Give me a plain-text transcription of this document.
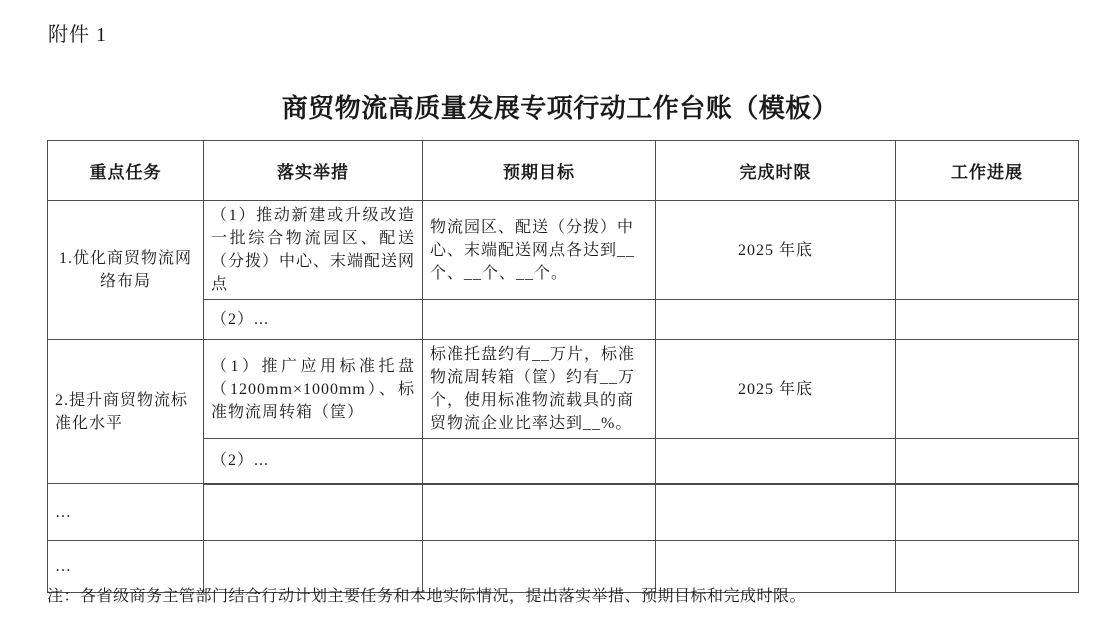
附件 1
商贸物流高质量发展专项行动工作台账（模板）
重点任务	落实举措	预期目标	完成时限	工作进展
1.优化商贸物流网络布局	（1）推动新建或升级改造一批综合物流园区、配送（分拨）中心、末端配送网点	物流园区、配送（分拨）中心、末端配送网点各达到__个、__个、__个。	2025 年底	
	（2）...			
2.提升商贸物流标准化水平	（1）推广应用标准托盘（1200mm×1000mm）、标准物流周转箱（筐）	标准托盘约有__万片，标准物流周转箱（筐）约有__万个，使用标准物流载具的商贸物流企业比率达到__%。	2025 年底	
	（2）...			
…				
…				
注：各省级商务主管部门结合行动计划主要任务和本地实际情况，提出落实举措、预期目标和完成时限。
